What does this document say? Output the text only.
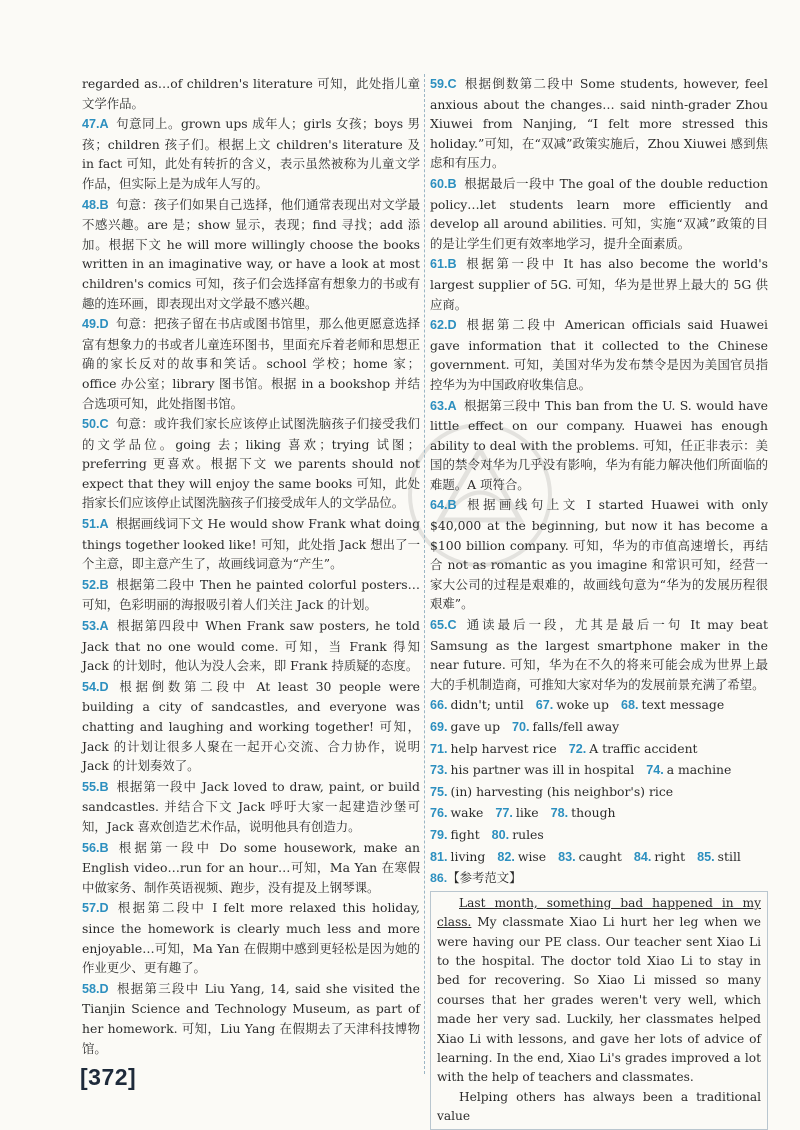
regarded as…of children's literature 可知，此处指儿童文学作品。
47.A 句意同上。grown ups 成年人；girls 女孩；boys 男孩；children 孩子们。根据上文 children's literature 及 in fact 可知，此处有转折的含义，表示虽然被称为儿童文学作品，但实际上是为成年人写的。
48.B 句意：孩子们如果自己选择，他们通常表现出对文学最不感兴趣。are 是；show 显示，表现；find 寻找；add 添加。根据下文 he will more willingly choose the books written in an imaginative way, or have a look at most children's comics 可知，孩子们会选择富有想象力的书或有趣的连环画，即表现出对文学最不感兴趣。
49.D 句意：把孩子留在书店或图书馆里，那么他更愿意选择富有想象力的书或者儿童连环图书，里面充斥着老师和思想正确的家长反对的故事和笑话。school 学校；home 家；office 办公室；library 图书馆。根据 in a bookshop 并结合选项可知，此处指图书馆。
50.C 句意：或许我们家长应该停止试图洗脑孩子们接受我们的文学品位。going 去；liking 喜欢；trying 试图；preferring 更喜欢。根据下文 we parents should not expect that they will enjoy the same books 可知，此处指家长们应该停止试图洗脑孩子们接受成年人的文学品位。
51.A 根据画线词下文 He would show Frank what doing things together looked like! 可知，此处指 Jack 想出了一个主意，即主意产生了，故画线词意为“产生”。
52.B 根据第二段中 Then he painted colorful posters…可知，色彩明丽的海报吸引着人们关注 Jack 的计划。
53.A 根据第四段中 When Frank saw posters, he told Jack that no one would come. 可知，当 Frank 得知 Jack 的计划时，他认为没人会来，即 Frank 持质疑的态度。
54.D 根据倒数第二段中 At least 30 people were building a city of sandcastles, and everyone was chatting and laughing and working together! 可知，Jack 的计划让很多人聚在一起开心交流、合力协作，说明 Jack 的计划奏效了。
55.B 根据第一段中 Jack loved to draw, paint, or build sandcastles. 并结合下文 Jack 呼吁大家一起建造沙堡可知，Jack 喜欢创造艺术作品，说明他具有创造力。
56.B 根据第一段中 Do some housework, make an English video…run for an hour…可知，Ma Yan 在寒假中做家务、制作英语视频、跑步，没有提及上钢琴课。
57.D 根据第二段中 I felt more relaxed this holiday, since the homework is clearly much less and more enjoyable…可知，Ma Yan 在假期中感到更轻松是因为她的作业更少、更有趣了。
58.D 根据第三段中 Liu Yang, 14, said she visited the Tianjin Science and Technology Museum, as part of her homework. 可知，Liu Yang 在假期去了天津科技博物馆。
59.C 根据倒数第二段中 Some students, however, feel anxious about the changes… said ninth-grader Zhou Xiuwei from Nanjing, “I felt more stressed this holiday.”可知，在“双减”政策实施后，Zhou Xiuwei 感到焦虑和有压力。
60.B 根据最后一段中 The goal of the double reduction policy…let students learn more efficiently and develop all around abilities. 可知，实施“双减”政策的目的是让学生们更有效率地学习，提升全面素质。
61.B 根据第一段中 It has also become the world's largest supplier of 5G. 可知，华为是世界上最大的 5G 供应商。
62.D 根据第二段中 American officials said Huawei gave information that it collected to the Chinese government. 可知，美国对华为发布禁令是因为美国官员指控华为为中国政府收集信息。
63.A 根据第三段中 This ban from the U. S. would have little effect on our company. Huawei has enough ability to deal with the problems. 可知，任正非表示：美国的禁令对华为几乎没有影响，华为有能力解决他们所面临的难题。A 项符合。
64.B 根据画线句上文 I started Huawei with only $40,000 at the beginning, but now it has become a $100 billion company. 可知，华为的市值高速增长，再结合 not as romantic as you imagine 和常识可知，经营一家大公司的过程是艰难的，故画线句意为“华为的发展历程很艰难”。
65.C 通读最后一段，尤其是最后一句 It may beat Samsung as the largest smartphone maker in the near future. 可知，华为在不久的将来可能会成为世界上最大的手机制造商，可推知大家对华为的发展前景充满了希望。
66. didn't; until 67. woke up 68. text message
69. gave up 70. falls/fell away
71. help harvest rice 72. A traffic accident
73. his partner was ill in hospital 74. a machine
75. (in) harvesting (his neighbor's) rice
76. wake 77. like 78. though
79. fight 80. rules
81. living 82. wise 83. caught 84. right 85. still
86.【参考范文】

Last month, something bad happened in my class. My classmate Xiao Li hurt her leg when we were having our PE class. Our teacher sent Xiao Li to the hospital. The doctor told Xiao Li to stay in bed for recovering. So Xiao Li missed so many courses that her grades weren't very well, which made her very sad. Luckily, her classmates helped Xiao Li with lessons, and gave her lots of advice of learning. In the end, Xiao Li's grades improved a lot with the help of teachers and classmates.

Helping others has always been a traditional value

[372]
